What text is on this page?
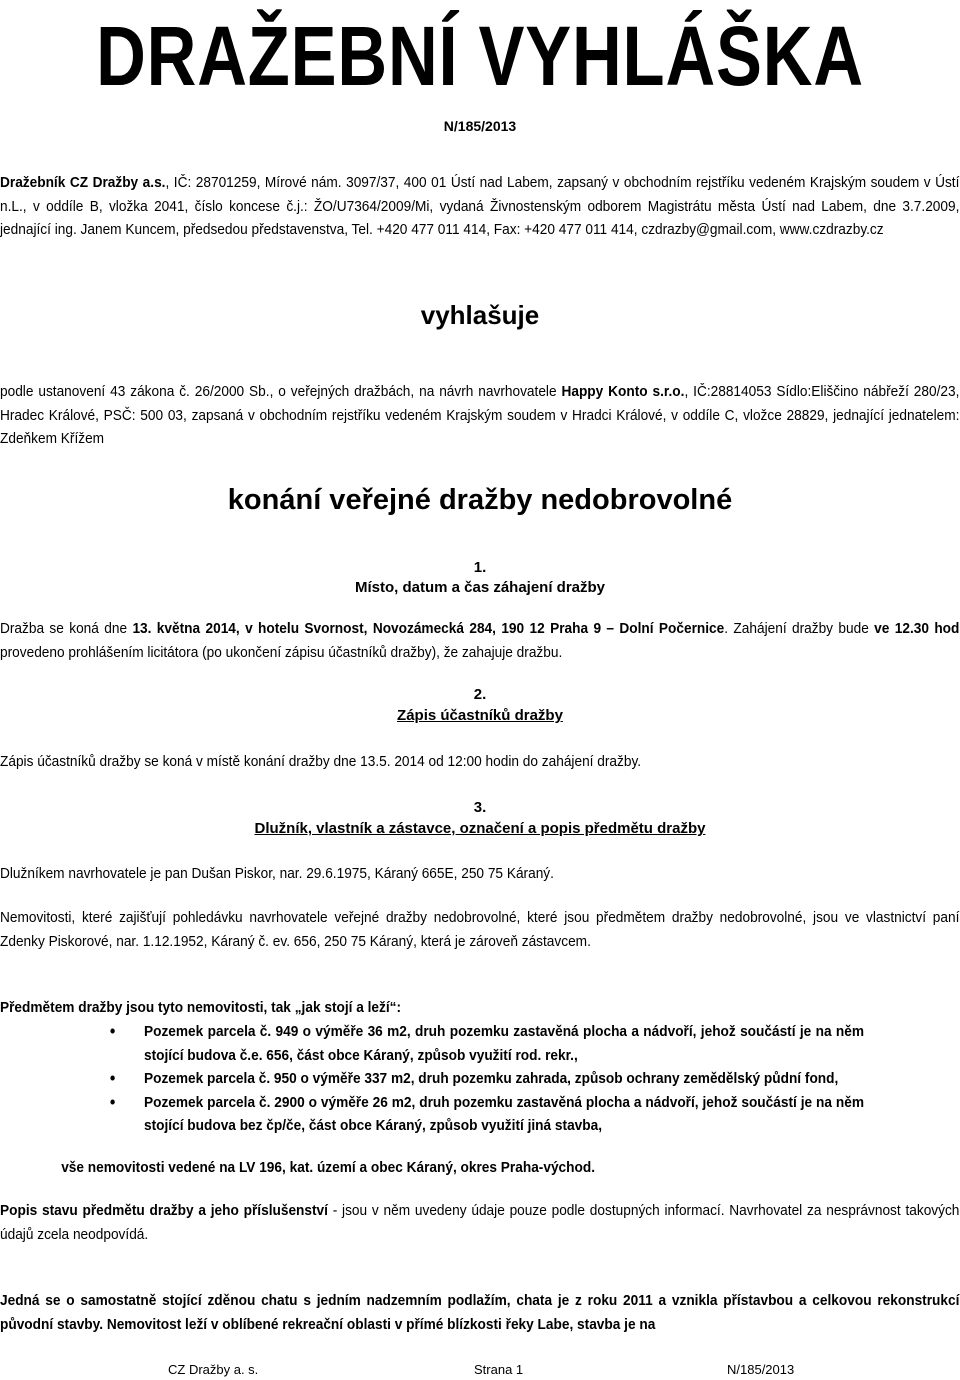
DRAŽEBNÍ VYHLÁŠKA
N/185/2013
Dražebník CZ Dražby a.s., IČ: 28701259, Mírové nám. 3097/37, 400 01 Ústí nad Labem, zapsaný v obchodním rejstříku vedeném Krajským soudem v Ústí n.L., v oddíle B, vložka 2041, číslo koncese č.j.: ŽO/U7364/2009/Mi, vydaná Živnostenským odborem Magistrátu města Ústí nad Labem, dne 3.7.2009, jednající ing. Janem Kuncem, předsedou představenstva, Tel. +420 477 011 414, Fax: +420 477 011 414, czdrazby@gmail.com, www.czdrazby.cz
vyhlašuje
podle ustanovení 43 zákona č. 26/2000 Sb., o veřejných dražbách, na návrh navrhovatele Happy Konto s.r.o., IČ:28814053 Sídlo:Eliščino nábřeží 280/23, Hradec Králové, PSČ: 500 03, zapsaná v obchodním rejstříku vedeném Krajským soudem v Hradci Králové, v oddíle C, vložce 28829, jednající jednatelem: Zdeňkem Křížem
konání veřejné dražby nedobrovolné
1.
Místo, datum a čas záhajení dražby
Dražba se koná dne 13. května 2014, v hotelu Svornost, Novozámecká 284, 190 12 Praha 9 – Dolní Počernice. Zahájení dražby bude ve 12.30 hod provedeno prohlášením licitátora (po ukončení zápisu účastníků dražby), že zahajuje dražbu.
2.
Zápis účastníků dražby
Zápis účastníků dražby se koná v místě konání dražby dne 13.5. 2014 od 12:00 hodin do zahájení dražby.
3.
Dlužník, vlastník a zástavce, označení a popis předmětu dražby
Dlužníkem navrhovatele je pan Dušan Piskor, nar. 29.6.1975, Káraný 665E, 250 75 Káraný.
Nemovitosti, které zajišťují pohledávku navrhovatele veřejné dražby nedobrovolné, které jsou předmětem dražby nedobrovolné, jsou ve vlastnictví paní Zdenky Piskorové, nar. 1.12.1952, Káraný č. ev. 656, 250 75 Káraný, která je zároveň zástavcem.
Předmětem dražby jsou tyto nemovitosti, tak „jak stojí a leží“:
• Pozemek parcela č. 949 o výměře 36 m2, druh pozemku zastavěná plocha a nádvoří, jehož součástí je na něm stojící budova č.e. 656, část obce Káraný, způsob využití rod. rekr.,
• Pozemek parcela č. 950 o výměře 337 m2, druh pozemku zahrada, způsob ochrany zemědělský půdní fond,
• Pozemek parcela č. 2900 o výměře 26 m2, druh pozemku zastavěná plocha a nádvoří, jehož součástí je na něm stojící budova bez čp/če, část obce Káraný, způsob využití jiná stavba,
vše nemovitosti vedené na LV 196, kat. území a obec Káraný, okres Praha-východ.
Popis stavu předmětu dražby a jeho příslušenství - jsou v něm uvedeny údaje pouze podle dostupných informací. Navrhovatel za nesprávnost takových údajů zcela neodpovídá.
Jedná se o samostatně stojící zděnou chatu s jedním nadzemním podlažím, chata je z roku 2011 a vznikla přístavbou a celkovou rekonstrukcí původní stavby. Nemovitost leží v oblíbené rekreační oblasti v přímé blízkosti řeky Labe, stavba je na
CZ Dražby a. s.	Strana 1	N/185/2013
